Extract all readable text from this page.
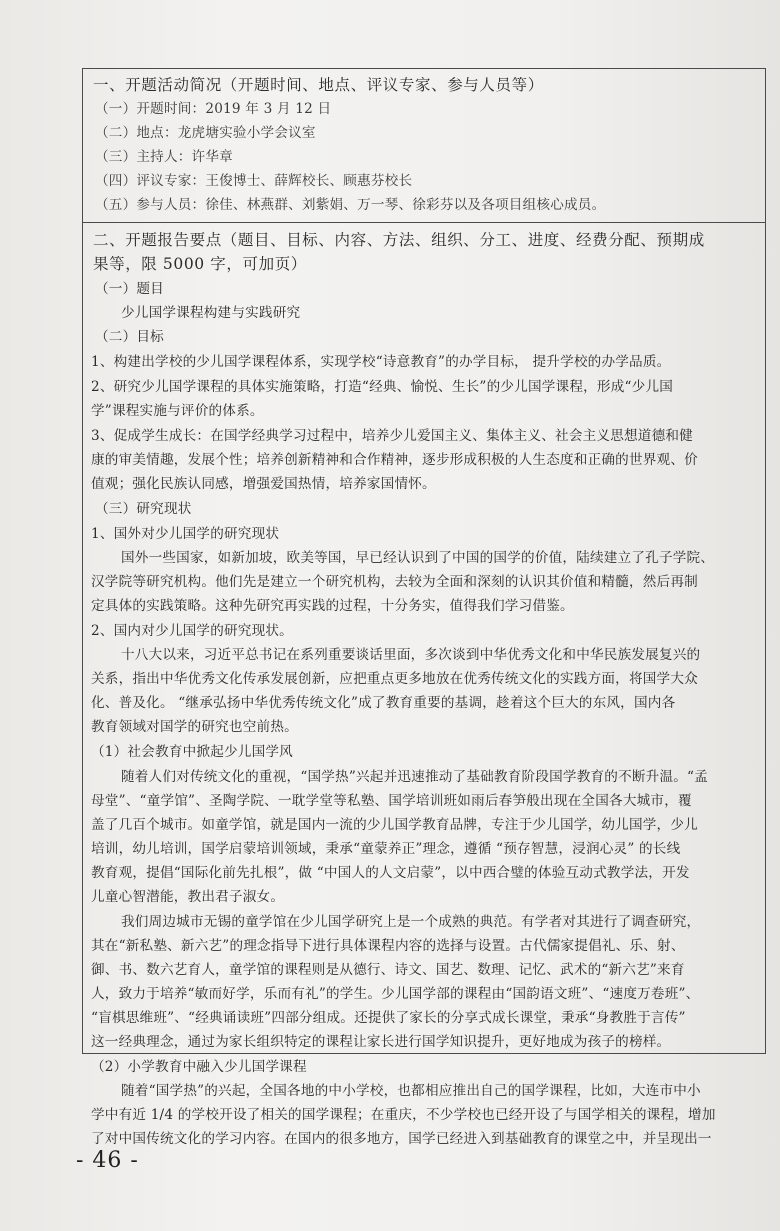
一、开题活动简况（开题时间、地点、评议专家、参与人员等）
（一）开题时间：2019 年 3 月 12 日
（二）地点：龙虎塘实验小学会议室
（三）主持人：许华章
（四）评议专家：王俊博士、薛辉校长、顾惠芬校长
（五）参与人员：徐佳、林燕群、刘紫娟、万一琴、徐彩芬以及各项目组核心成员。
二、开题报告要点（题目、目标、内容、方法、组织、分工、进度、经费分配、预期成
果等，限 5000 字，可加页）
（一）题目
少儿国学课程构建与实践研究
（二）目标
1、构建出学校的少儿国学课程体系，实现学校“诗意教育”的办学目标， 提升学校的办学品质。
2、研究少儿国学课程的具体实施策略，打造“经典、愉悦、生长”的少儿国学课程，形成“少儿国
学”课程实施与评价的体系。
3、促成学生成长：在国学经典学习过程中，培养少儿爱国主义、集体主义、社会主义思想道德和健
康的审美情趣，发展个性；培养创新精神和合作精神，逐步形成积极的人生态度和正确的世界观、价
值观；强化民族认同感，增强爱国热情，培养家国情怀。
（三）研究现状
1、国外对少儿国学的研究现状
国外一些国家，如新加坡，欧美等国，早已经认识到了中国的国学的价值，陆续建立了孔子学院、
汉学院等研究机构。他们先是建立一个研究机构，去较为全面和深刻的认识其价值和精髓，然后再制
定具体的实践策略。这种先研究再实践的过程，十分务实，值得我们学习借鉴。
2、国内对少儿国学的研究现状。
十八大以来，习近平总书记在系列重要谈话里面，多次谈到中华优秀文化和中华民族发展复兴的
关系，指出中华优秀文化传承发展创新，应把重点更多地放在优秀传统文化的实践方面，将国学大众
化、普及化。 “继承弘扬中华优秀传统文化”成了教育重要的基调，趁着这个巨大的东风，国内各
教育领域对国学的研究也空前热。
（1）社会教育中掀起少儿国学风
随着人们对传统文化的重视，“国学热”兴起并迅速推动了基础教育阶段国学教育的不断升温。“孟
母堂”、“童学馆”、圣陶学院、一耽学堂等私塾、国学培训班如雨后春笋般出现在全国各大城市，覆
盖了几百个城市。如童学馆，就是国内一流的少儿国学教育品牌，专注于少儿国学，幼儿国学，少儿
培训，幼儿培训，国学启蒙培训领域，秉承“童蒙养正”理念，遵循 “预存智慧，浸润心灵” 的长线
教育观，提倡“国际化前先扎根”，做 “中国人的人文启蒙”，以中西合璧的体验互动式教学法，开发
儿童心智潜能，教出君子淑女。
我们周边城市无锡的童学馆在少儿国学研究上是一个成熟的典范。有学者对其进行了调查研究，
其在“新私塾、新六艺”的理念指导下进行具体课程内容的选择与设置。古代儒家提倡礼、乐、射、
御、书、数六艺育人，童学馆的课程则是从德行、诗文、国艺、数理、记忆、武术的“新六艺”来育
人，致力于培养“敏而好学，乐而有礼”的学生。少儿国学部的课程由“国韵语文班”、“速度万卷班”、
“盲棋思维班”、“经典诵读班”四部分组成。还提供了家长的分享式成长课堂，秉承“身教胜于言传”
这一经典理念，通过为家长组织特定的课程让家长进行国学知识提升，更好地成为孩子的榜样。
（2）小学教育中融入少儿国学课程
随着“国学热”的兴起，全国各地的中小学校，也都相应推出自己的国学课程，比如，大连市中小
学中有近 1/4 的学校开设了相关的国学课程；在重庆，不少学校也已经开设了与国学相关的课程，增加
了对中国传统文化的学习内容。在国内的很多地方，国学已经进入到基础教育的课堂之中，并呈现出一
- 46 -
